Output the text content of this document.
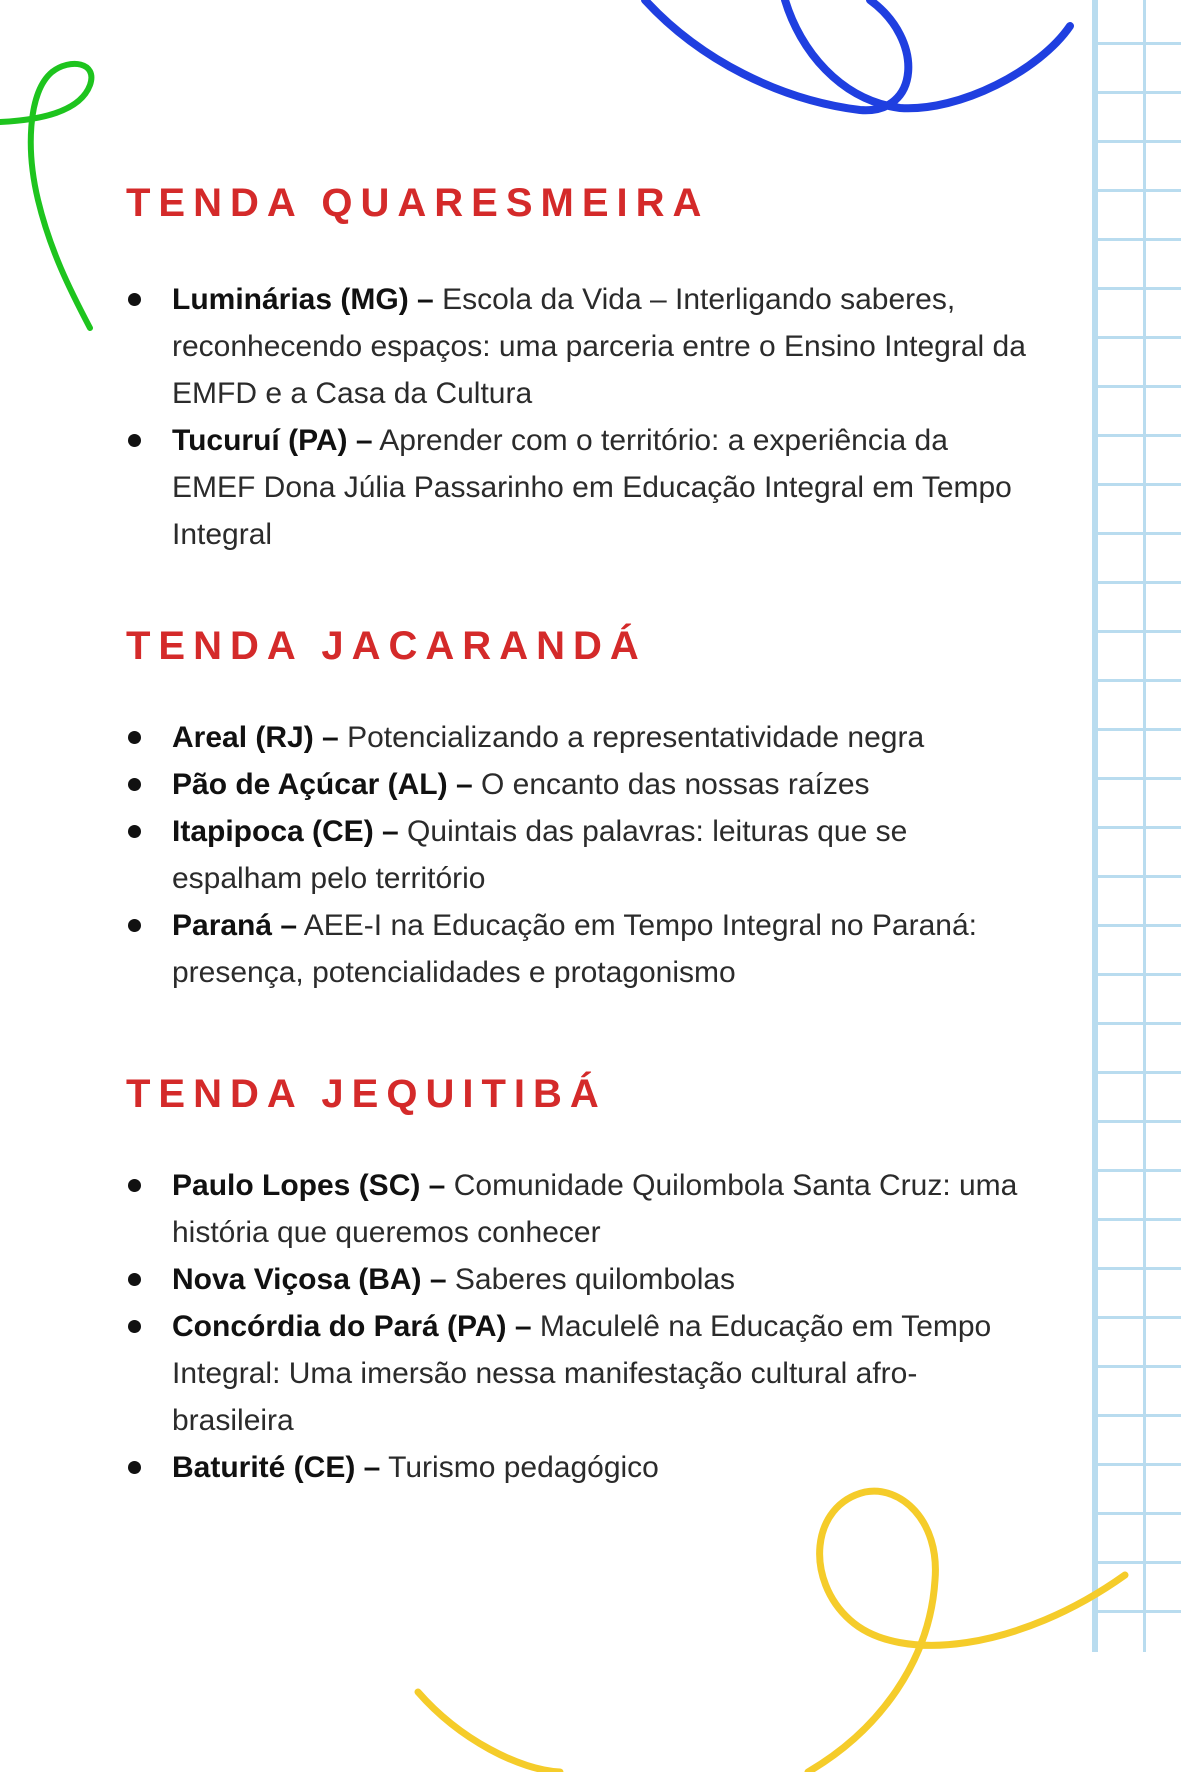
TENDA QUARESMEIRA
Luminárias (MG) – Escola da Vida – Interligando saberes, reconhecendo espaços: uma parceria entre o Ensino Integral da EMFD e a Casa da Cultura
Tucuruí (PA) – Aprender com o território: a experiência da EMEF Dona Júlia Passarinho em Educação Integral em Tempo Integral
TENDA JACARANDÁ
Areal (RJ) – Potencializando a representatividade negra
Pão de Açúcar (AL) – O encanto das nossas raízes
Itapipoca (CE) – Quintais das palavras: leituras que se espalham pelo território
Paraná – AEE-I na Educação em Tempo Integral no Paraná: presença, potencialidades e protagonismo
TENDA JEQUITIBÁ
Paulo Lopes (SC) – Comunidade Quilombola Santa Cruz: uma história que queremos conhecer
Nova Viçosa (BA) – Saberes quilombolas
Concórdia do Pará (PA) – Maculelê na Educação em Tempo Integral: Uma imersão nessa manifestação cultural afro-brasileira
Baturité (CE) – Turismo pedagógico
